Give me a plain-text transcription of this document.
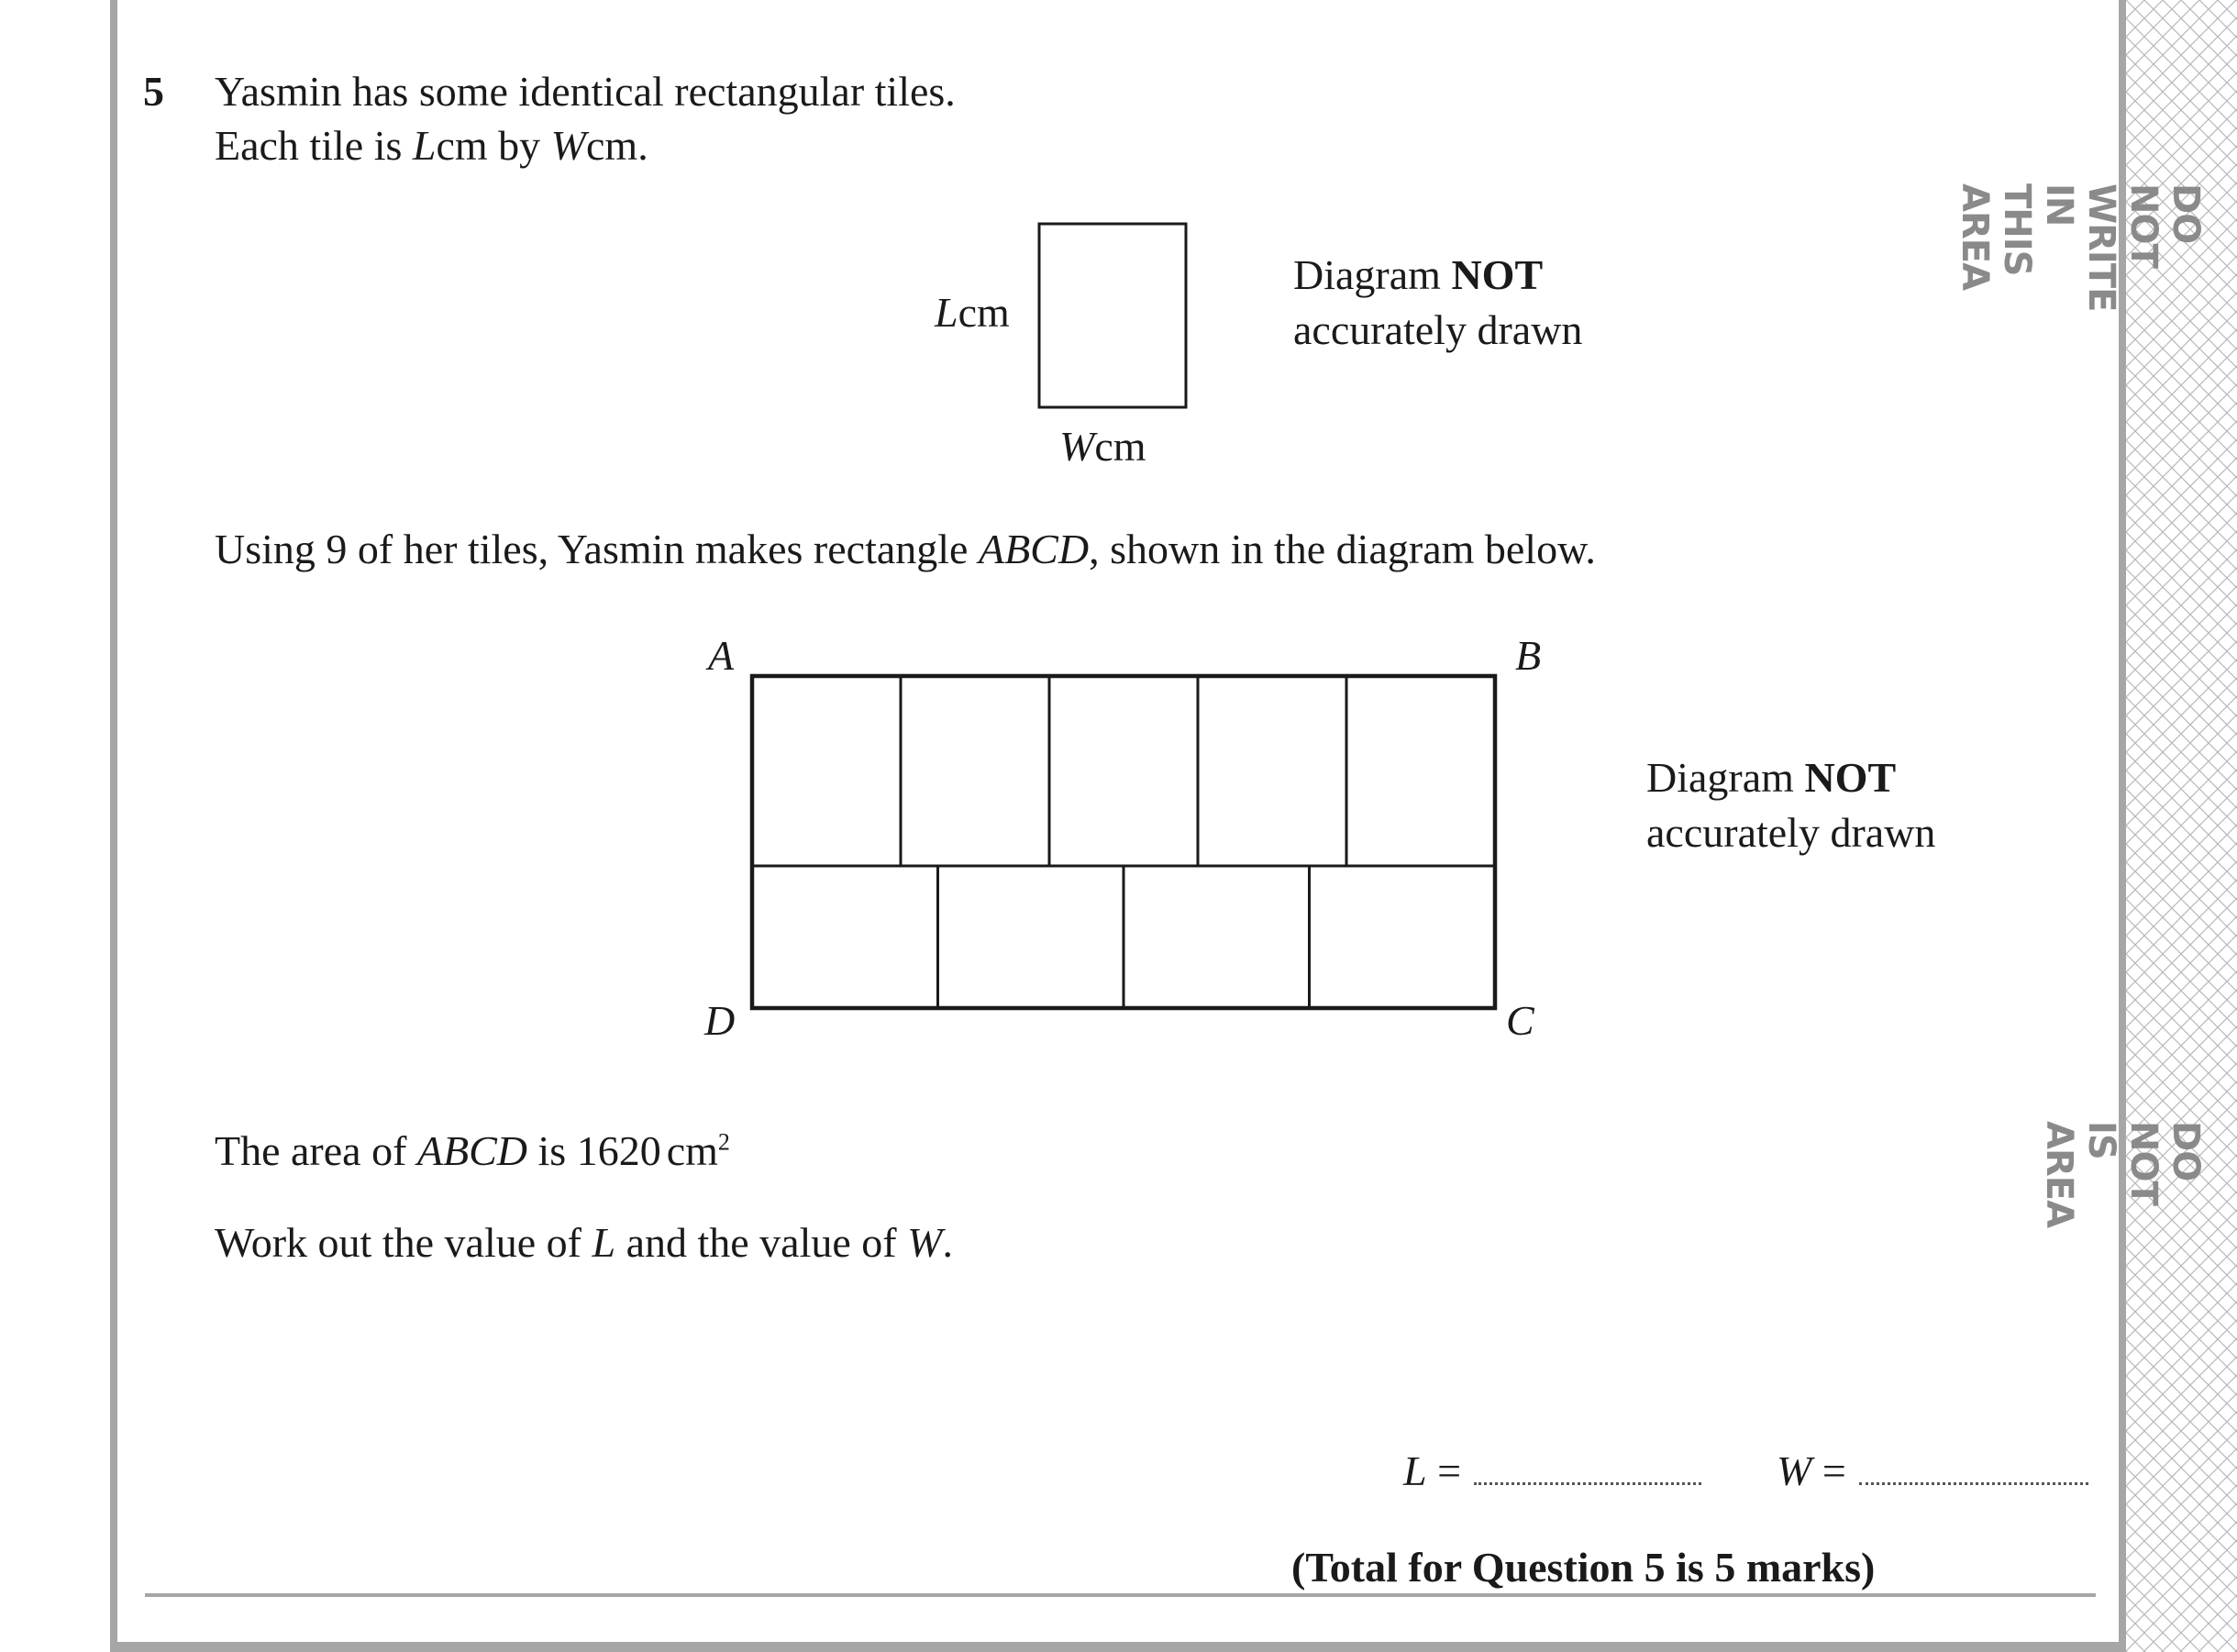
DO NOT WRITE IN THIS AREA
DO NOT IS AREA
5 Yasmin has some identical rectangular tiles.
Each tile is Lcm by Wcm.
Lcm
Wcm
Diagram NOT
accurately drawn
Using 9 of her tiles, Yasmin makes rectangle ABCD, shown in the diagram below.
A	B
D	C
Diagram NOT
accurately drawn
The area of ABCD is 1620 $cm^2$
Work out the value of L and the value of W.
L =	W =
(Total for Question 5 is 5 marks)
